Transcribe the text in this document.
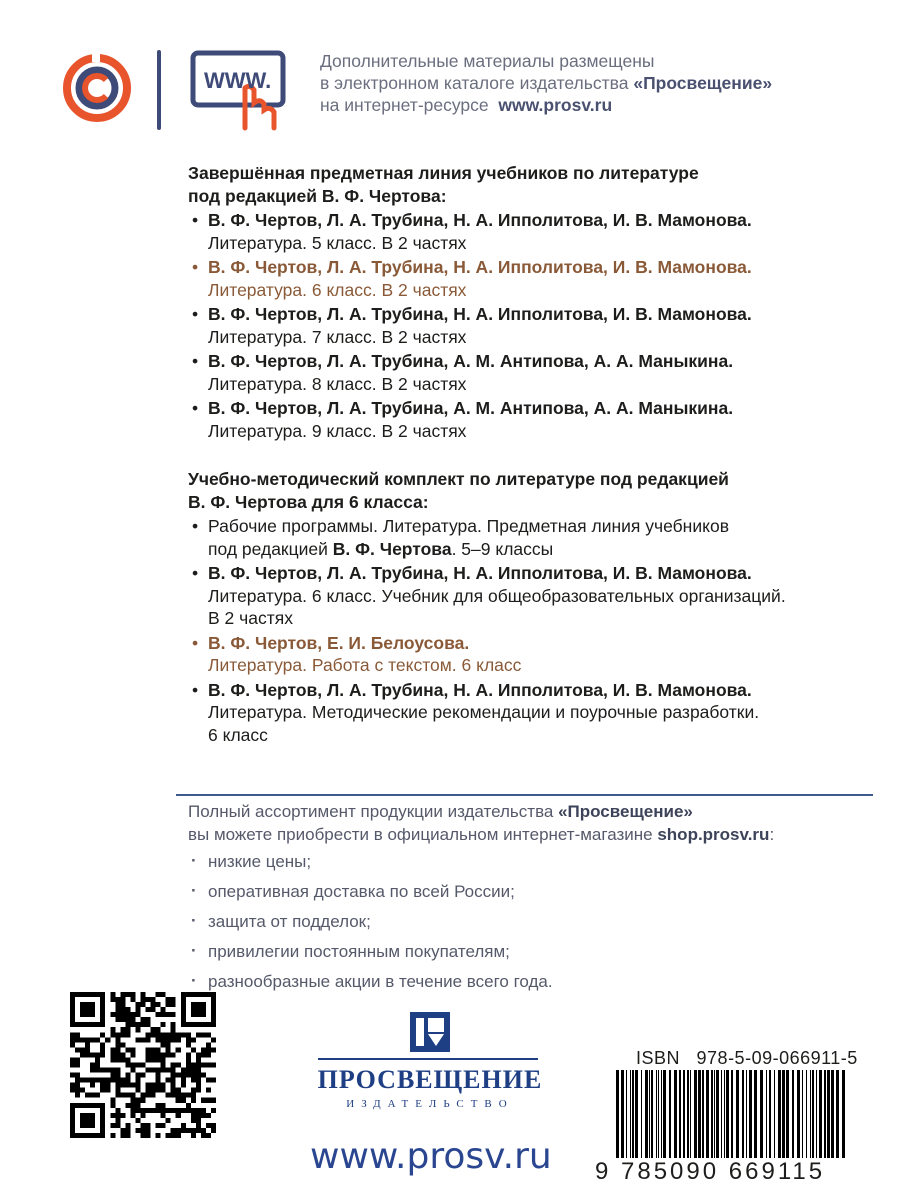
WWW.
Дополнительные материалы размещены
в электронном каталоге издательства «Просвещение»
на интернет-ресурсе  www.prosv.ru
Завершённая предметная линия учебников по литературе
под редакцией В. Ф. Чертова:
• В. Ф. Чертов, Л. А. Трубина, Н. А. Ипполитова, И. В. Мамонова.
Литература. 5 класс. В 2 частях
• В. Ф. Чертов, Л. А. Трубина, Н. А. Ипполитова, И. В. Мамонова.
Литература. 6 класс. В 2 частях
• В. Ф. Чертов, Л. А. Трубина, Н. А. Ипполитова, И. В. Мамонова.
Литература. 7 класс. В 2 частях
• В. Ф. Чертов, Л. А. Трубина, А. М. Антипова, А. А. Маныкина.
Литература. 8 класс. В 2 частях
• В. Ф. Чертов, Л. А. Трубина, А. М. Антипова, А. А. Маныкина.
Литература. 9 класс. В 2 частях
Учебно-методический комплект по литературе под редакцией
В. Ф. Чертова для 6 класса:
• Рабочие программы. Литература. Предметная линия учебников
под редакцией В. Ф. Чертова. 5–9 классы
• В. Ф. Чертов, Л. А. Трубина, Н. А. Ипполитова, И. В. Мамонова.
Литература. 6 класс. Учебник для общеобразовательных организаций.
В 2 частях
• В. Ф. Чертов, Е. И. Белоусова.
Литература. Работа с текстом. 6 класс
• В. Ф. Чертов, Л. А. Трубина, Н. А. Ипполитова, И. В. Мамонова.
Литература. Методические рекомендации и поурочные разработки.
6 класс
Полный ассортимент продукции издательства «Просвещение»
вы можете приобрести в официальном интернет-магазине shop.prosv.ru:
· низкие цены;
· оперативная доставка по всей России;
· защита от подделок;
· привилегии постоянным покупателям;
· разнообразные акции в течение всего года.
ПРОСВЕЩЕНИЕ
ИЗДАТЕЛЬСТВО
www.prosv.ru
ISBN 978-5-09-066911-5
9 785090 669115
